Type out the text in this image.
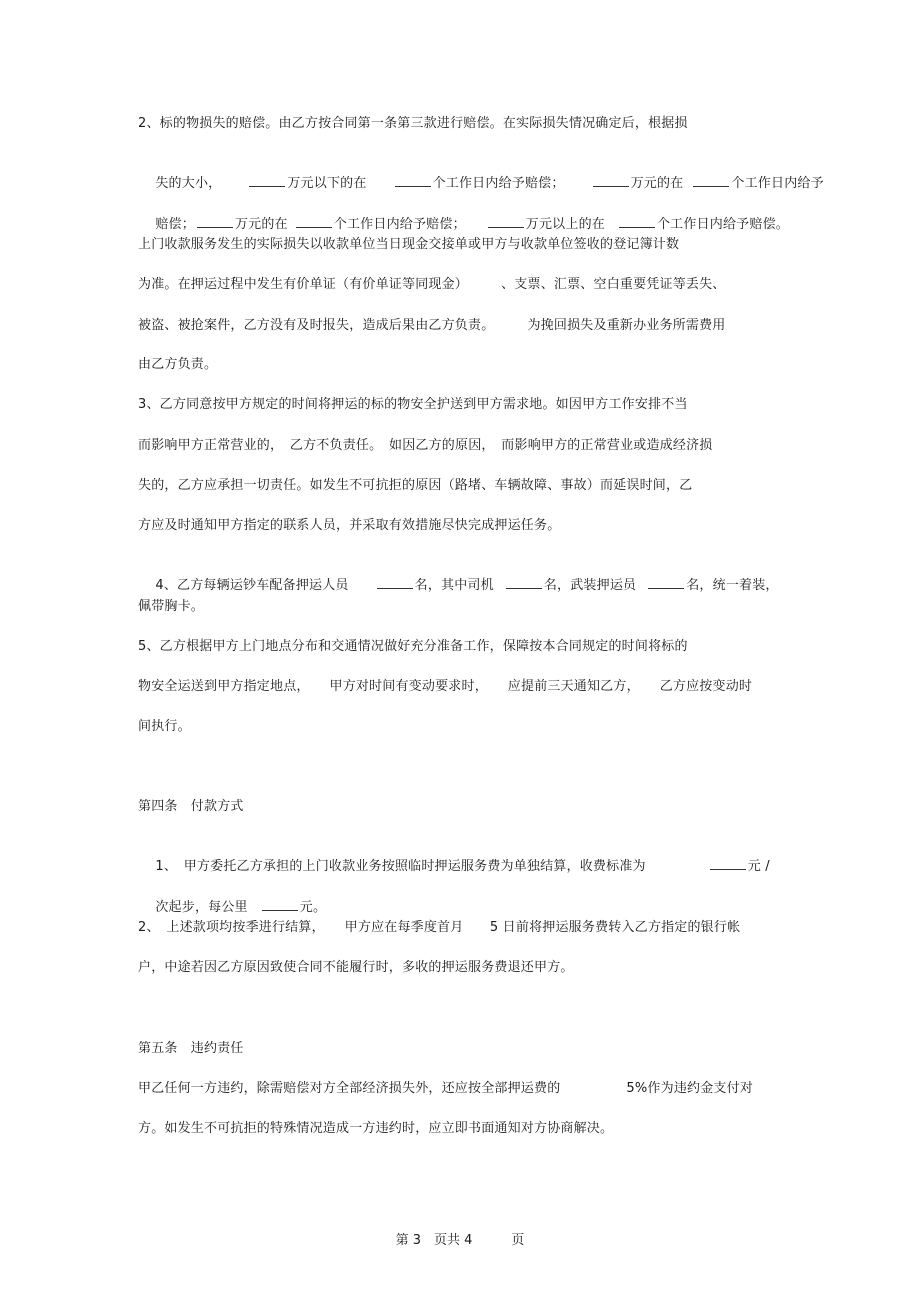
2、标的物损失的赔偿。由乙方按合同第一条第三款进行赔偿。在实际损失情况确定后，根据损

失的大小，	万元以下的在	个工作日内给予赔偿；	万元的在	个工作日内给予

赔偿；	万元的在	个工作日内给予赔偿；	万元以上的在	个工作日内给予赔偿。

上门收款服务发生的实际损失以收款单位当日现金交接单或甲方与收款单位签收的登记簿计数
为准。在押运过程中发生有价单证（有价单证等同现金）　　　、支票、汇票、空白重要凭证等丢失、
被盗、被抢案件，乙方没有及时报失，造成后果由乙方负责。　　　为挽回损失及重新办业务所需费用
由乙方负责。
3、乙方同意按甲方规定的时间将押运的标的物安全护送到甲方需求地。如因甲方工作安排不当
而影响甲方正常营业的，　乙方不负责任。　如因乙方的原因，　而影响甲方的正常营业或造成经济损
失的，乙方应承担一切责任。如发生不可抗拒的原因（路堵、车辆故障、事故）而延误时间，乙
方应及时通知甲方指定的联系人员，并采取有效措施尽快完成押运任务。

4、乙方每辆运钞车配备押运人员	名，其中司机	名，武装押运员	名，统一着装，

佩带胸卡。
5、乙方根据甲方上门地点分布和交通情况做好充分准备工作，保障按本合同规定的时间将标的
物安全运送到甲方指定地点，　　甲方对时间有变动要求时，　　应提前三天通知乙方，　　乙方应按变动时
间执行。
第四条　付款方式

1、　甲方委托乙方承担的上门收款业务按照临时押运服务费为单独结算，收费标准为	元 /

次起步，每公里	元。

2、　上述款项均按季进行结算，　　甲方应在每季度首月　　5 日前将押运服务费转入乙方指定的银行帐
户，中途若因乙方原因致使合同不能履行时，多收的押运服务费退还甲方。
第五条　违约责任
甲乙任何一方违约，除需赔偿对方全部经济损失外，还应按全部押运费的　　　　　5%作为违约金支付对
方。如发生不可抗拒的特殊情况造成一方违约时，应立即书面通知对方协商解决。
第 3　页共 4　　　页
